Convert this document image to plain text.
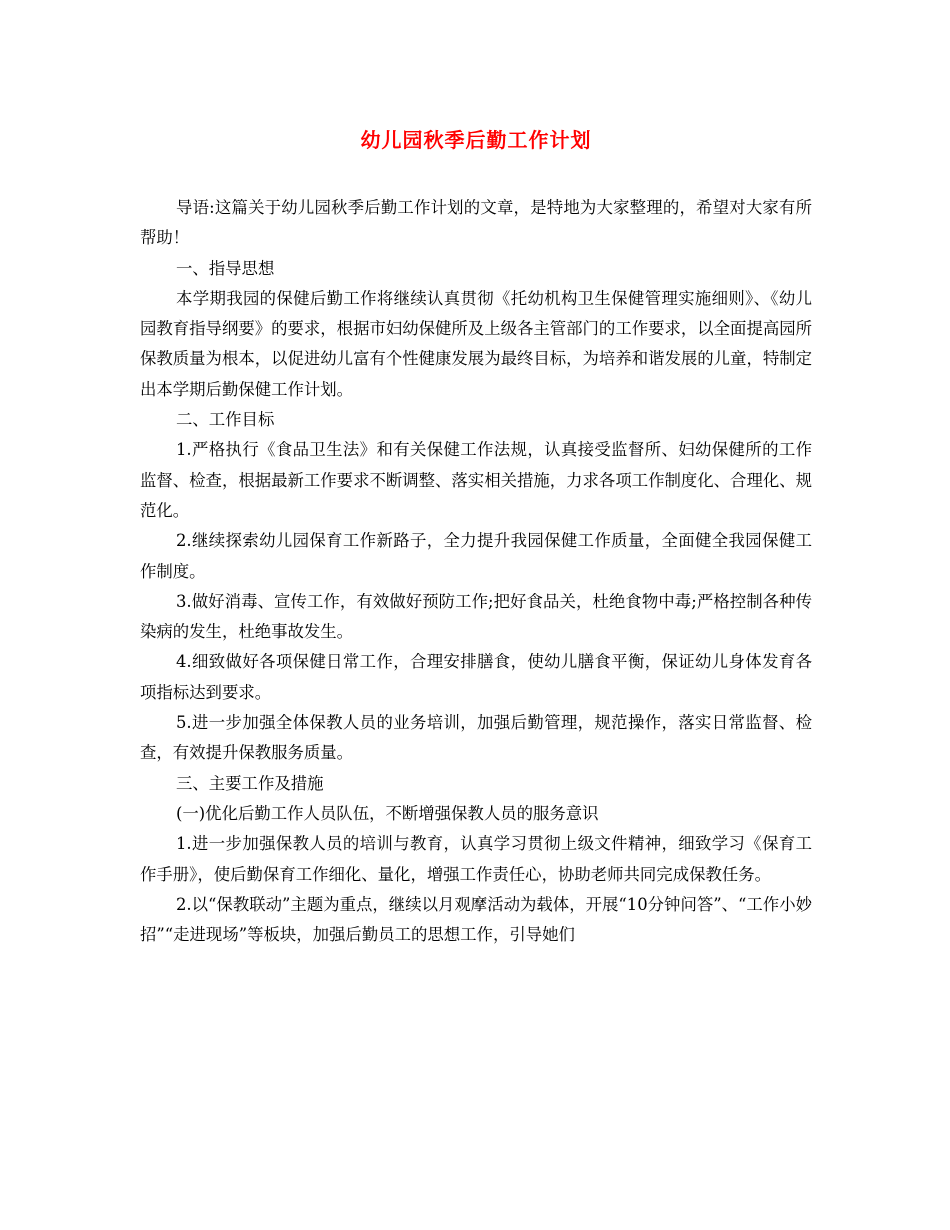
幼儿园秋季后勤工作计划

导语:这篇关于幼儿园秋季后勤工作计划的文章，是特地为大家整理的，希望对大家有所帮助！

一、指导思想

本学期我园的保健后勤工作将继续认真贯彻《托幼机构卫生保健管理实施细则》、《幼儿园教育指导纲要》的要求，根据市妇幼保健所及上级各主管部门的工作要求，以全面提高园所保教质量为根本，以促进幼儿富有个性健康发展为最终目标，为培养和谐发展的儿童，特制定出本学期后勤保健工作计划。

二、工作目标

1.严格执行《食品卫生法》和有关保健工作法规，认真接受监督所、妇幼保健所的工作监督、检查，根据最新工作要求不断调整、落实相关措施，力求各项工作制度化、合理化、规范化。

2.继续探索幼儿园保育工作新路子，全力提升我园保健工作质量，全面健全我园保健工作制度。

3.做好消毒、宣传工作，有效做好预防工作;把好食品关，杜绝食物中毒;严格控制各种传染病的发生，杜绝事故发生。

4.细致做好各项保健日常工作，合理安排膳食，使幼儿膳食平衡，保证幼儿身体发育各项指标达到要求。

5.进一步加强全体保教人员的业务培训，加强后勤管理，规范操作，落实日常监督、检查，有效提升保教服务质量。

三、主要工作及措施

(一)优化后勤工作人员队伍，不断增强保教人员的服务意识

1.进一步加强保教人员的培训与教育，认真学习贯彻上级文件精神，细致学习《保育工作手册》，使后勤保育工作细化、量化，增强工作责任心，协助老师共同完成保教任务。

2.以“保教联动”主题为重点，继续以月观摩活动为载体，开展“10分钟问答”、“工作小妙招”“走进现场”等板块，加强后勤员工的思想工作，引导她们
